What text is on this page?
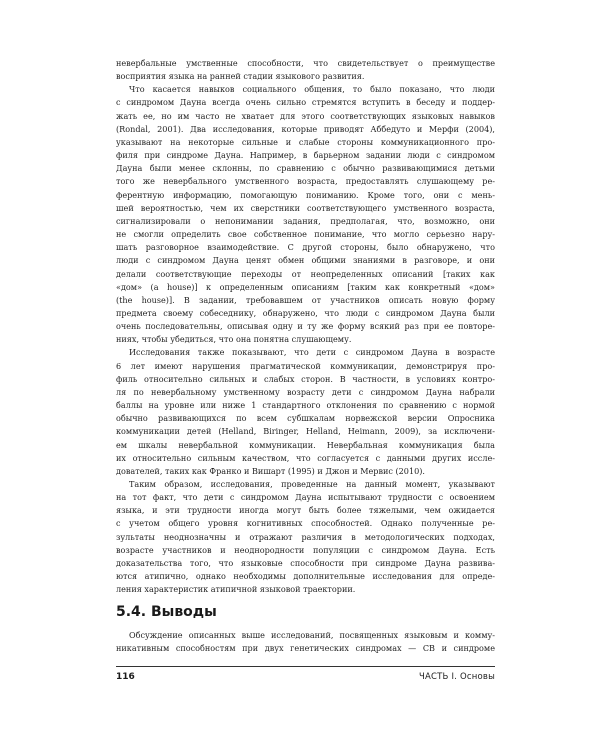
невербальные умственные способности, что свидетельствует о преимуществе
восприятия языка на ранней стадии языкового развития.
Что касается навыков социального общения, то было показано, что люди
с синдромом Дауна всегда очень сильно стремятся вступить в беседу и поддер-
жать ее, но им часто не хватает для этого соответствующих языковых навыков
(Rondal, 2001). Два исследования, которые приводят Аббедуто и Мерфи (2004),
указывают на некоторые сильные и слабые стороны коммуникационного про-
филя при синдроме Дауна. Например, в барьерном задании люди с синдромом
Дауна были менее склонны, по сравнению с обычно развивающимися детьми
того же невербального умственного возраста, предоставлять слушающему ре-
ферентную информацию, помогающую пониманию. Кроме того, они с мень-
шей вероятностью, чем их сверстники соответствующего умственного возраста,
сигнализировали о непонимании задания, предполагая, что, возможно, они
не смогли определить свое собственное понимание, что могло серьезно нару-
шать разговорное взаимодействие. С другой стороны, было обнаружено, что
люди с синдромом Дауна ценят обмен общими знаниями в разговоре, и они
делали соответствующие переходы от неопределенных описаний [таких как
«дом» (a house)] к определенным описаниям [таким как конкретный «дом»
(the house)]. В задании, требовавшем от участников описать новую форму
предмета своему собеседнику, обнаружено, что люди с синдромом Дауна были
очень последовательны, описывая одну и ту же форму всякий раз при ее повторе-
ниях, чтобы убедиться, что она понятна слушающему.
Исследования также показывают, что дети с синдромом Дауна в возрасте
6 лет имеют нарушения прагматической коммуникации, демонстрируя про-
филь относительно сильных и слабых сторон. В частности, в условиях контро-
ля по невербальному умственному возрасту дети с синдромом Дауна набрали
баллы на уровне или ниже 1 стандартного отклонения по сравнению с нормой
обычно развивающихся по всем субшкалам норвежской версии Опросника
коммуникации детей (Helland, Biringer, Helland, Heimann, 2009), за исключени-
ем шкалы невербальной коммуникации. Невербальная коммуникация была
их относительно сильным качеством, что согласуется с данными других иссле-
дователей, таких как Франко и Вишарт (1995) и Джон и Мервис (2010).
Таким образом, исследования, проведенные на данный момент, указывают
на тот факт, что дети с синдромом Дауна испытывают трудности с освоением
языка, и эти трудности иногда могут быть более тяжелыми, чем ожидается
с учетом общего уровня когнитивных способностей. Однако полученные ре-
зультаты неоднозначны и отражают различия в методологических подходах,
возрасте участников и неоднородности популяции с синдромом Дауна. Есть
доказательства того, что языковые способности при синдроме Дауна развива-
ются атипично, однако необходимы дополнительные исследования для опреде-
ления характеристик атипичной языковой траектории.
5.4. Выводы
Обсуждение описанных выше исследований, посвященных языковым и комму-
никативным способностям при двух генетических синдромах — СВ и синдроме
116	ЧАСТЬ I. Основы
